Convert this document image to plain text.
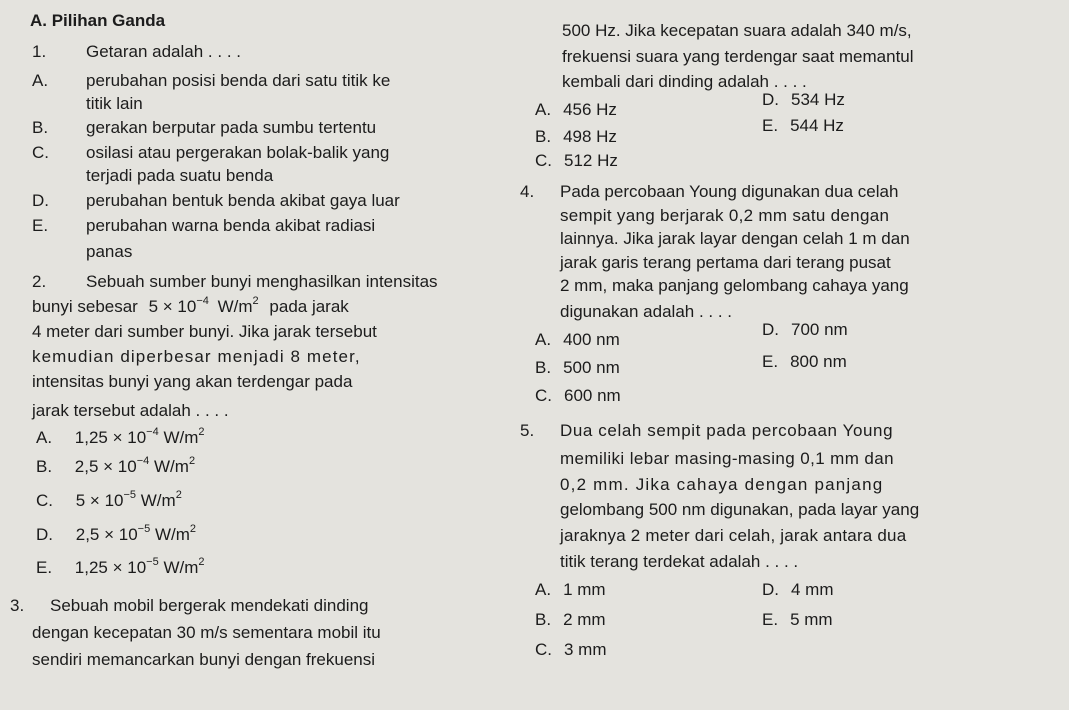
A. Pilihan Ganda
1. Getaran adalah . . . .
A. perubahan posisi benda dari satu titik ke
titik lain
B. gerakan berputar pada sumbu tertentu
C. osilasi atau pergerakan bolak-balik yang
terjadi pada suatu benda
D. perubahan bentuk benda akibat gaya luar
E. perubahan warna benda akibat radiasi
panas
2. Sebuah sumber bunyi menghasilkan intensitas
bunyi sebesar $5 \times 10^{-4}$ $W/m^2$ pada jarak
4 meter dari sumber bunyi. Jika jarak tersebut
kemudian diperbesar menjadi 8 meter,
intensitas bunyi yang akan terdengar pada
jarak tersebut adalah . . . .
A. $1,25 \times 10^{-4}$ $W/m^2$
B. $2,5 \times 10^{-4}$ $W/m^2$
C. $5 \times 10^{-5}$ $W/m^2$
D. $2,5 \times 10^{-5}$ $W/m^2$
E. $1,25 \times 10^{-5}$ $W/m^2$
3. Sebuah mobil bergerak mendekati dinding
dengan kecepatan 30 m/s sementara mobil itu
sendiri memancarkan bunyi dengan frekuensi
500 Hz. Jika kecepatan suara adalah 340 m/s,
frekuensi suara yang terdengar saat memantul
kembali dari dinding adalah . . . .
A. 456 Hz
B. 498 Hz
C. 512 Hz
D. 534 Hz
E. 544 Hz
4. Pada percobaan Young digunakan dua celah
sempit yang berjarak 0,2 mm satu dengan
lainnya. Jika jarak layar dengan celah 1 m dan
jarak garis terang pertama dari terang pusat
2 mm, maka panjang gelombang cahaya yang
digunakan adalah . . . .
A. 400 nm
B. 500 nm
C. 600 nm
D. 700 nm
E. 800 nm
5. Dua celah sempit pada percobaan Young
memiliki lebar masing-masing 0,1 mm dan
0,2 mm. Jika cahaya dengan panjang
gelombang 500 nm digunakan, pada layar yang
jaraknya 2 meter dari celah, jarak antara dua
titik terang terdekat adalah . . . .
A. 1 mm
B. 2 mm
C. 3 mm
D. 4 mm
E. 5 mm
